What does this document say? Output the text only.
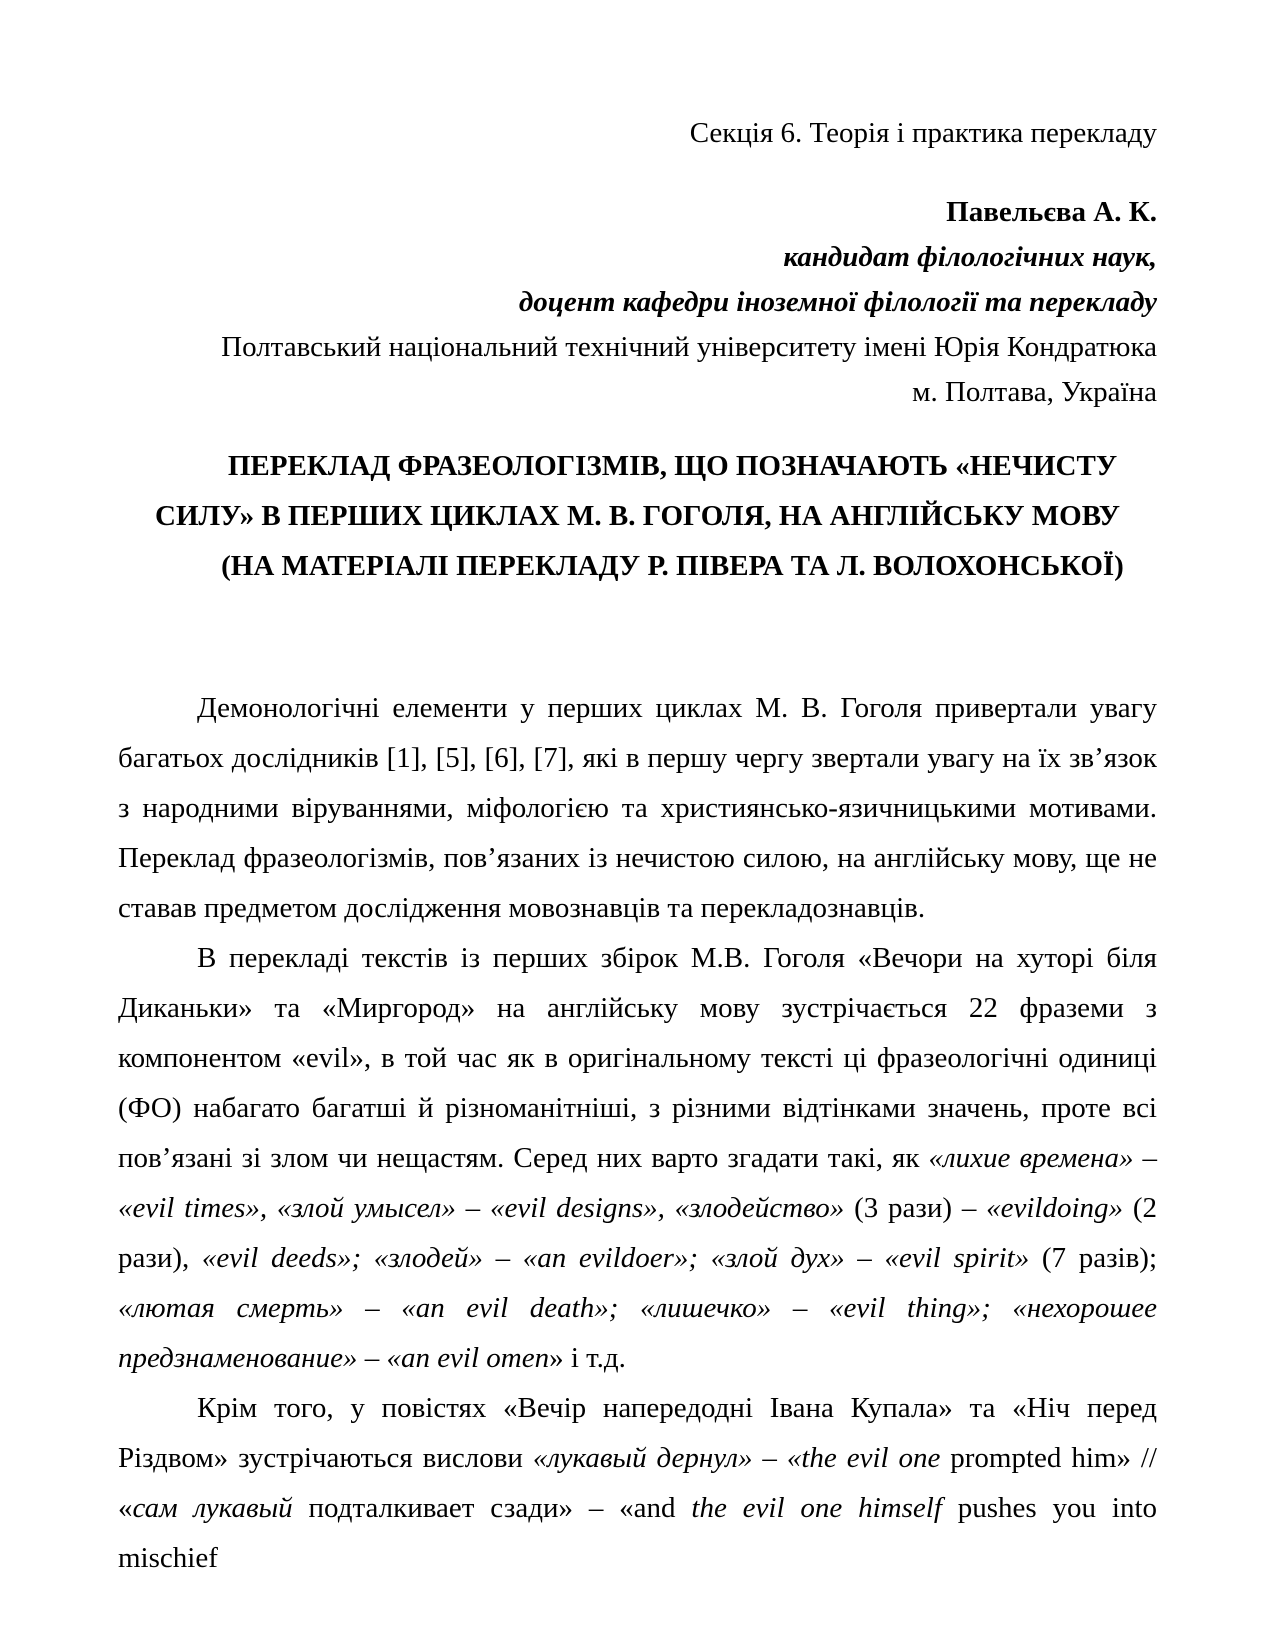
Секція 6. Теорія і практика перекладу
Павельєва А. К.
кандидат філологічних наук,
доцент кафедри іноземної філології та перекладу
Полтавський національний технічний університету імені Юрія Кондратюка
м. Полтава, Україна
ПЕРЕКЛАД ФРАЗЕОЛОГІЗМІВ, ЩО ПОЗНАЧАЮТЬ «НЕЧИСТУ
СИЛУ» В ПЕРШИХ ЦИКЛАХ М. В. ГОГОЛЯ, НА АНГЛІЙСЬКУ МОВУ
(НА МАТЕРІАЛІ ПЕРЕКЛАДУ Р. ПІВЕРА ТА Л. ВОЛОХОНСЬКОЇ)

Демонологічні елементи у перших циклах М. В. Гоголя привертали увагу багатьох дослідників [1], [5], [6], [7], які в першу чергу звертали увагу на їх зв’язок з народними віруваннями, міфологією та християнсько-язичницькими мотивами. Переклад фразеологізмів, пов’язаних із нечистою силою, на англійську мову, ще не ставав предметом дослідження мовознавців та перекладознавців.

В перекладі текстів із перших збірок М.В. Гоголя «Вечори на хуторі біля Диканьки» та «Миргород» на англійську мову зустрічається 22 фраземи з компонентом «evil», в той час як в оригінальному тексті ці фразеологічні одиниці (ФО) набагато багатші й різноманітніші, з різними відтінками значень, проте всі пов’язані зі злом чи нещастям. Серед них варто згадати такі, як «лихие времена» – «evil times», «злой умысел» – «evil designs», «злодейство» (3 рази) – «evildoing» (2 рази), «evil deeds»; «злодей» – «an evildoer»; «злой дух» – «evil spirit» (7 разів); «лютая смерть» – «an evil death»; «лишечко» – «evil thing»; «нехорошее предзнаменование» – «an evil omen» і т.д.

Крім того, у повістях «Вечір напередодні Івана Купала» та «Ніч перед Різдвом» зустрічаються вислови «лукавый дернул» – «the evil one prompted him» // «сам лукавый подталкивает сзади» – «and the evil one himself pushes you into mischief
